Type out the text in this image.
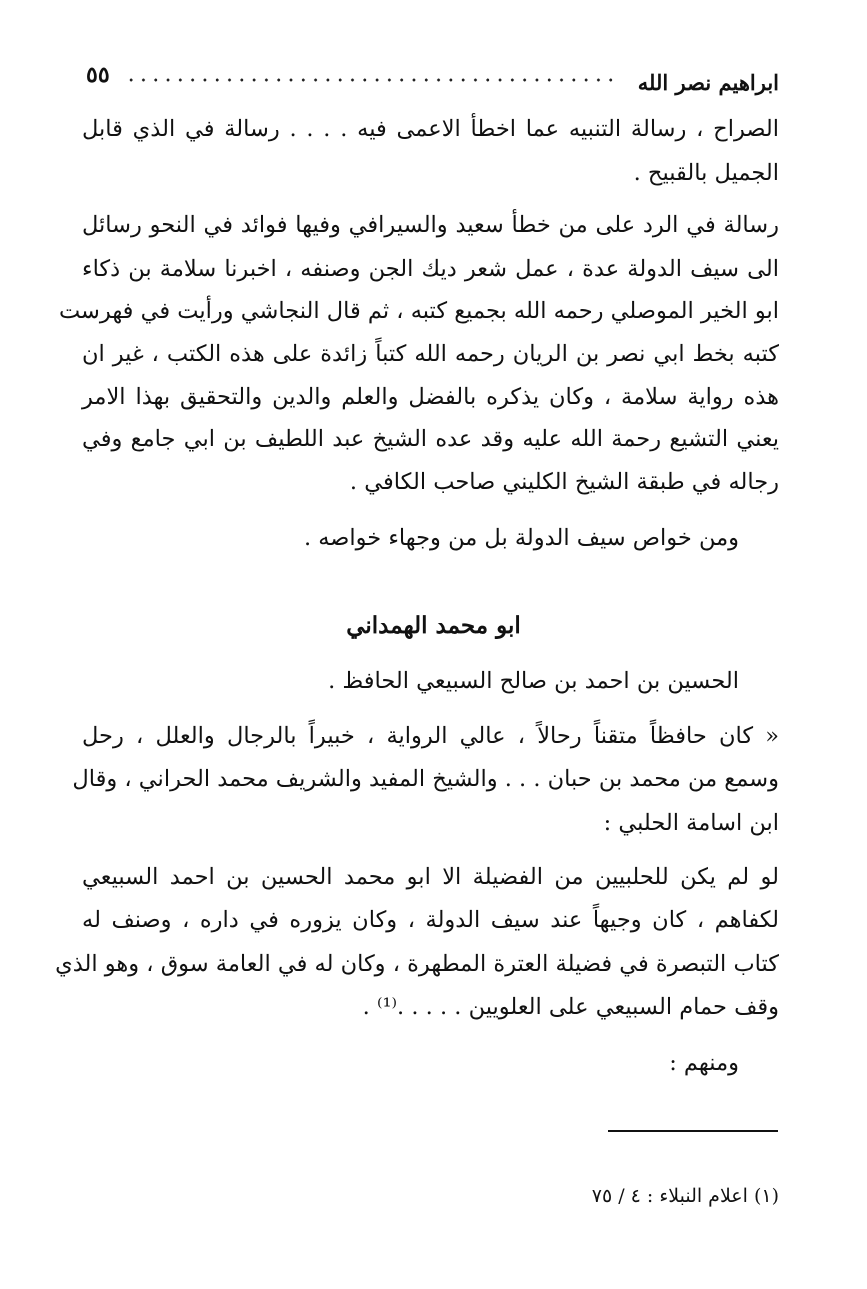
ابراهيم نصر الله
٥٥
الصراح ، رسالة التنبيه عما اخطأ الاعمى فيه . . . . رسالة في الذي قابل
الجميل بالقبيح .
رسالة في الرد على من خطأ سعيد والسيرافي وفيها فوائد في النحو رسائل
الى سيف الدولة عدة ، عمل شعر ديك الجن وصنفه ، اخبرنا سلامة بن ذكاء
ابو الخير الموصلي رحمه الله بجميع كتبه ، ثم قال النجاشي ورأيت في فهرست
كتبه بخط ابي نصر بن الريان رحمه الله كتباً زائدة على هذه الكتب ، غير ان
هذه رواية سلامة ، وكان يذكره بالفضل والعلم والدين والتحقيق بهذا الامر
يعني التشيع رحمة الله عليه وقد عده الشيخ عبد اللطيف بن ابي جامع وفي
رجاله في طبقة الشيخ الكليني صاحب الكافي .
ومن خواص سيف الدولة بل من وجهاء خواصه .
ابو محمد الهمداني
الحسين بن احمد بن صالح السبيعي الحافظ .
« كان حافظاً متقناً رحالاً ، عالي الرواية ، خبيراً بالرجال والعلل ، رحل
وسمع من محمد بن حبان . . . والشيخ المفيد والشريف محمد الحراني ، وقال
ابن اسامة الحلبي :
لو لم يكن للحلبيين من الفضيلة الا ابو محمد الحسين بن احمد السبيعي
لكفاهم ، كان وجيهاً عند سيف الدولة ، وكان يزوره في داره ، وصنف له
كتاب التبصرة في فضيلة العترة المطهرة ، وكان له في العامة سوق ، وهو الذي
وقف حمام السبيعي على العلويين . . . . .⁽¹⁾ .
ومنهم :
(١) اعلام النبلاء : ٤ / ٧٥
